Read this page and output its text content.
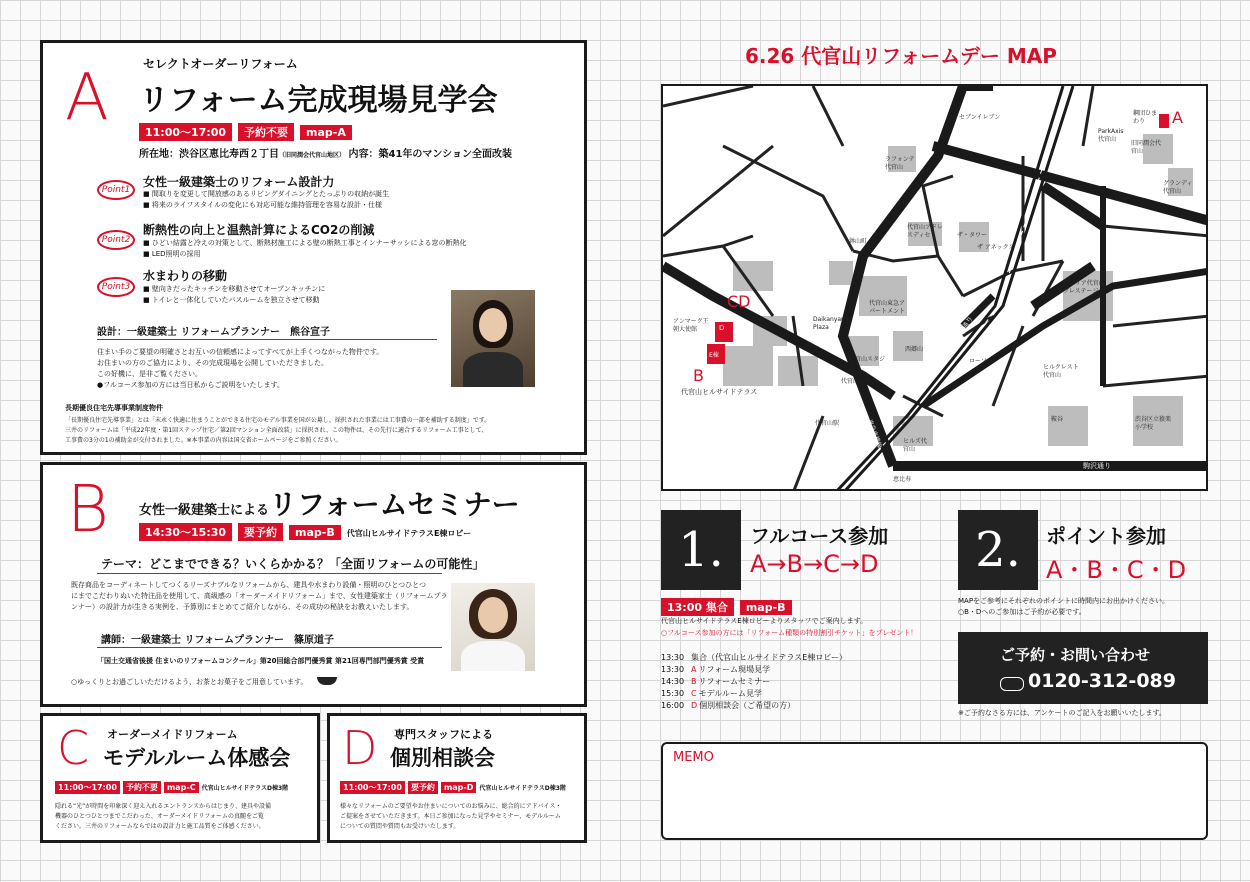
A	セレクトオーダーリフォーム
リフォーム完成現場見学会
11:00〜17:00 予約不要 map-A
所在地：渋谷区恵比寿西２丁目（旧同潤会代官山地区） 内容：築41年のマンション全面改装
Point1
女性一級建築士のリフォーム設計力
■ 間取りを変更して開放感のあるリビングダイニングとたっぷりの収納が誕生
■ 将来のライフスタイルの変化にも対応可能な維持管理を容易な設計・仕様
Point2
断熱性の向上と温熱計算によるCO2の削減
■ ひどい結露と冷えの対策として、断熱材施工による壁の断熱工事とインナーサッシによる窓の断熱化
■ LED照明の採用
Point3
水まわりの移動
■ 壁向きだったキッチンを移動させてオープンキッチンに
■ トイレと一体化していたバスルームを独立させて移動
設計：一級建築士 リフォームプランナー　熊谷宣子
住まい手のご要望の明確さとお互いの信頼感によってすべてが上手くつながった物件です。
お住まいの方のご協力により、その完成現場を公開していただきました。
この好機に、是非ご覧ください。
●フルコース参加の方には当日私からご説明をいたします。
長期優良住宅先導事業制度物件
「長期優良住宅先導事業」とは「末永く快適に住まうことができる住宅のモデル事業を国が公募し、採択された事業には工事費の一部を補助する制度」です。
三井のリフォームは「平成22年度・第1回ステップ住宅／第2回マンション全面改装」に採択され、この物件は、その先行に適合するリフォーム工事として、
工事費の3分の1の補助金が交付されました。※本事業の内容は国交省ホームページをご参照ください。
B 女性一級建築士によるリフォームセミナー
14:30〜15:30 要予約 map-B 代官山ヒルサイドテラスE棟ロビー
テーマ：どこまでできる？いくらかかる？「全面リフォームの可能性」
既存商品をコーディネートしてつくるリーズナブルなリフォームから、建具や水まわり設備・照明のひとつひとつ
にまでこだわりぬいた特注品を使用して、高級感の「オーダーメイドリフォーム」まで、女性建築家士（リフォームプラ
ンナー）の設計力が生きる実例を、予算別にまとめてご紹介しながら、その成功の秘訣をお教えいたします。
講師：一級建築士 リフォームプランナー　篠原道子
「国土交通省後援 住まいのリフォームコンクール」第20回総合部門優秀賞 第21回専門部門優秀賞 受賞
○ゆっくりとお過ごしいただけるよう、お茶とお菓子をご用意しています。
C オーダーメイドリフォーム
モデルルーム体感会
11:00〜17:00 予約不要 map-C 代官山ヒルサイドテラスD棟3階
隠れる“光”が時間を印象深く迎え入れるエントランスからはじまり、建具や設備
機器のひとつひとつまでこだわった、オーダーメイドリフォームの真髄をご覧
ください。三井のリフォームならではの設計力と施工品質をご体感ください。
D 専門スタッフによる
個別相談会
11:00〜17:00 要予約 map-D 代官山ヒルサイドテラスD棟3階
様々なリフォームのご要望やお住まいについてのお悩みに、総合的にアドバイス・
ご提案をさせていただきます。本日ご参加になった見学やセミナー、モデルルーム
についての質問や質問もお受けいたします。
6.26 代官山リフォームデー MAP
A
CD
B
D
E棟
セブンイレブン
ラフォンテ代官山
ParkAxis代官山
鋼団ひまわり
旧同潤会代官山
グランディ代官山
代官山アドレスディセ	ザ・タワー
ザ アネックス
鉢山町
代官山東急アパートメント
Daikanyama Plaza
アンマーク王朝大使館
ブリリア代官山プレステージ
ヒルクレスト代官山
渋谷区立猿楽小学校
鞍谷
代官山スタジオ
ヒルズ代官山
代官山ヒルサイドテラス
代官山駅
代官山交番
西郷山
ローソン
旧山手通り
駒沢通り
恵比寿
東急東横線
1.	フルコース参加
A→B→C→D
13:00 集合 map-B
代官山ヒルサイドテラスE棟ロビーよりスタッフでご案内します。
○フルコース参加の方には「リフォーム種類の特別割引チケット」をプレゼント！
13:30 集合（代官山ヒルサイドテラスE棟ロビー）
13:30 A リフォーム現場見学
14:30 B リフォームセミナー
15:30 C モデルルーム見学
16:00 D 個別相談会（ご希望の方）
2.	ポイント参加
A・B・C・D
MAPをご参考にそれぞれのポイントに時間内にお出かけください。
○B・Dへのご参加はご予約が必要です。
ご予約・お問い合わせ
0120-312-089
※ご予約なさる方には、アンケートのご記入をお願いいたします。
MEMO
